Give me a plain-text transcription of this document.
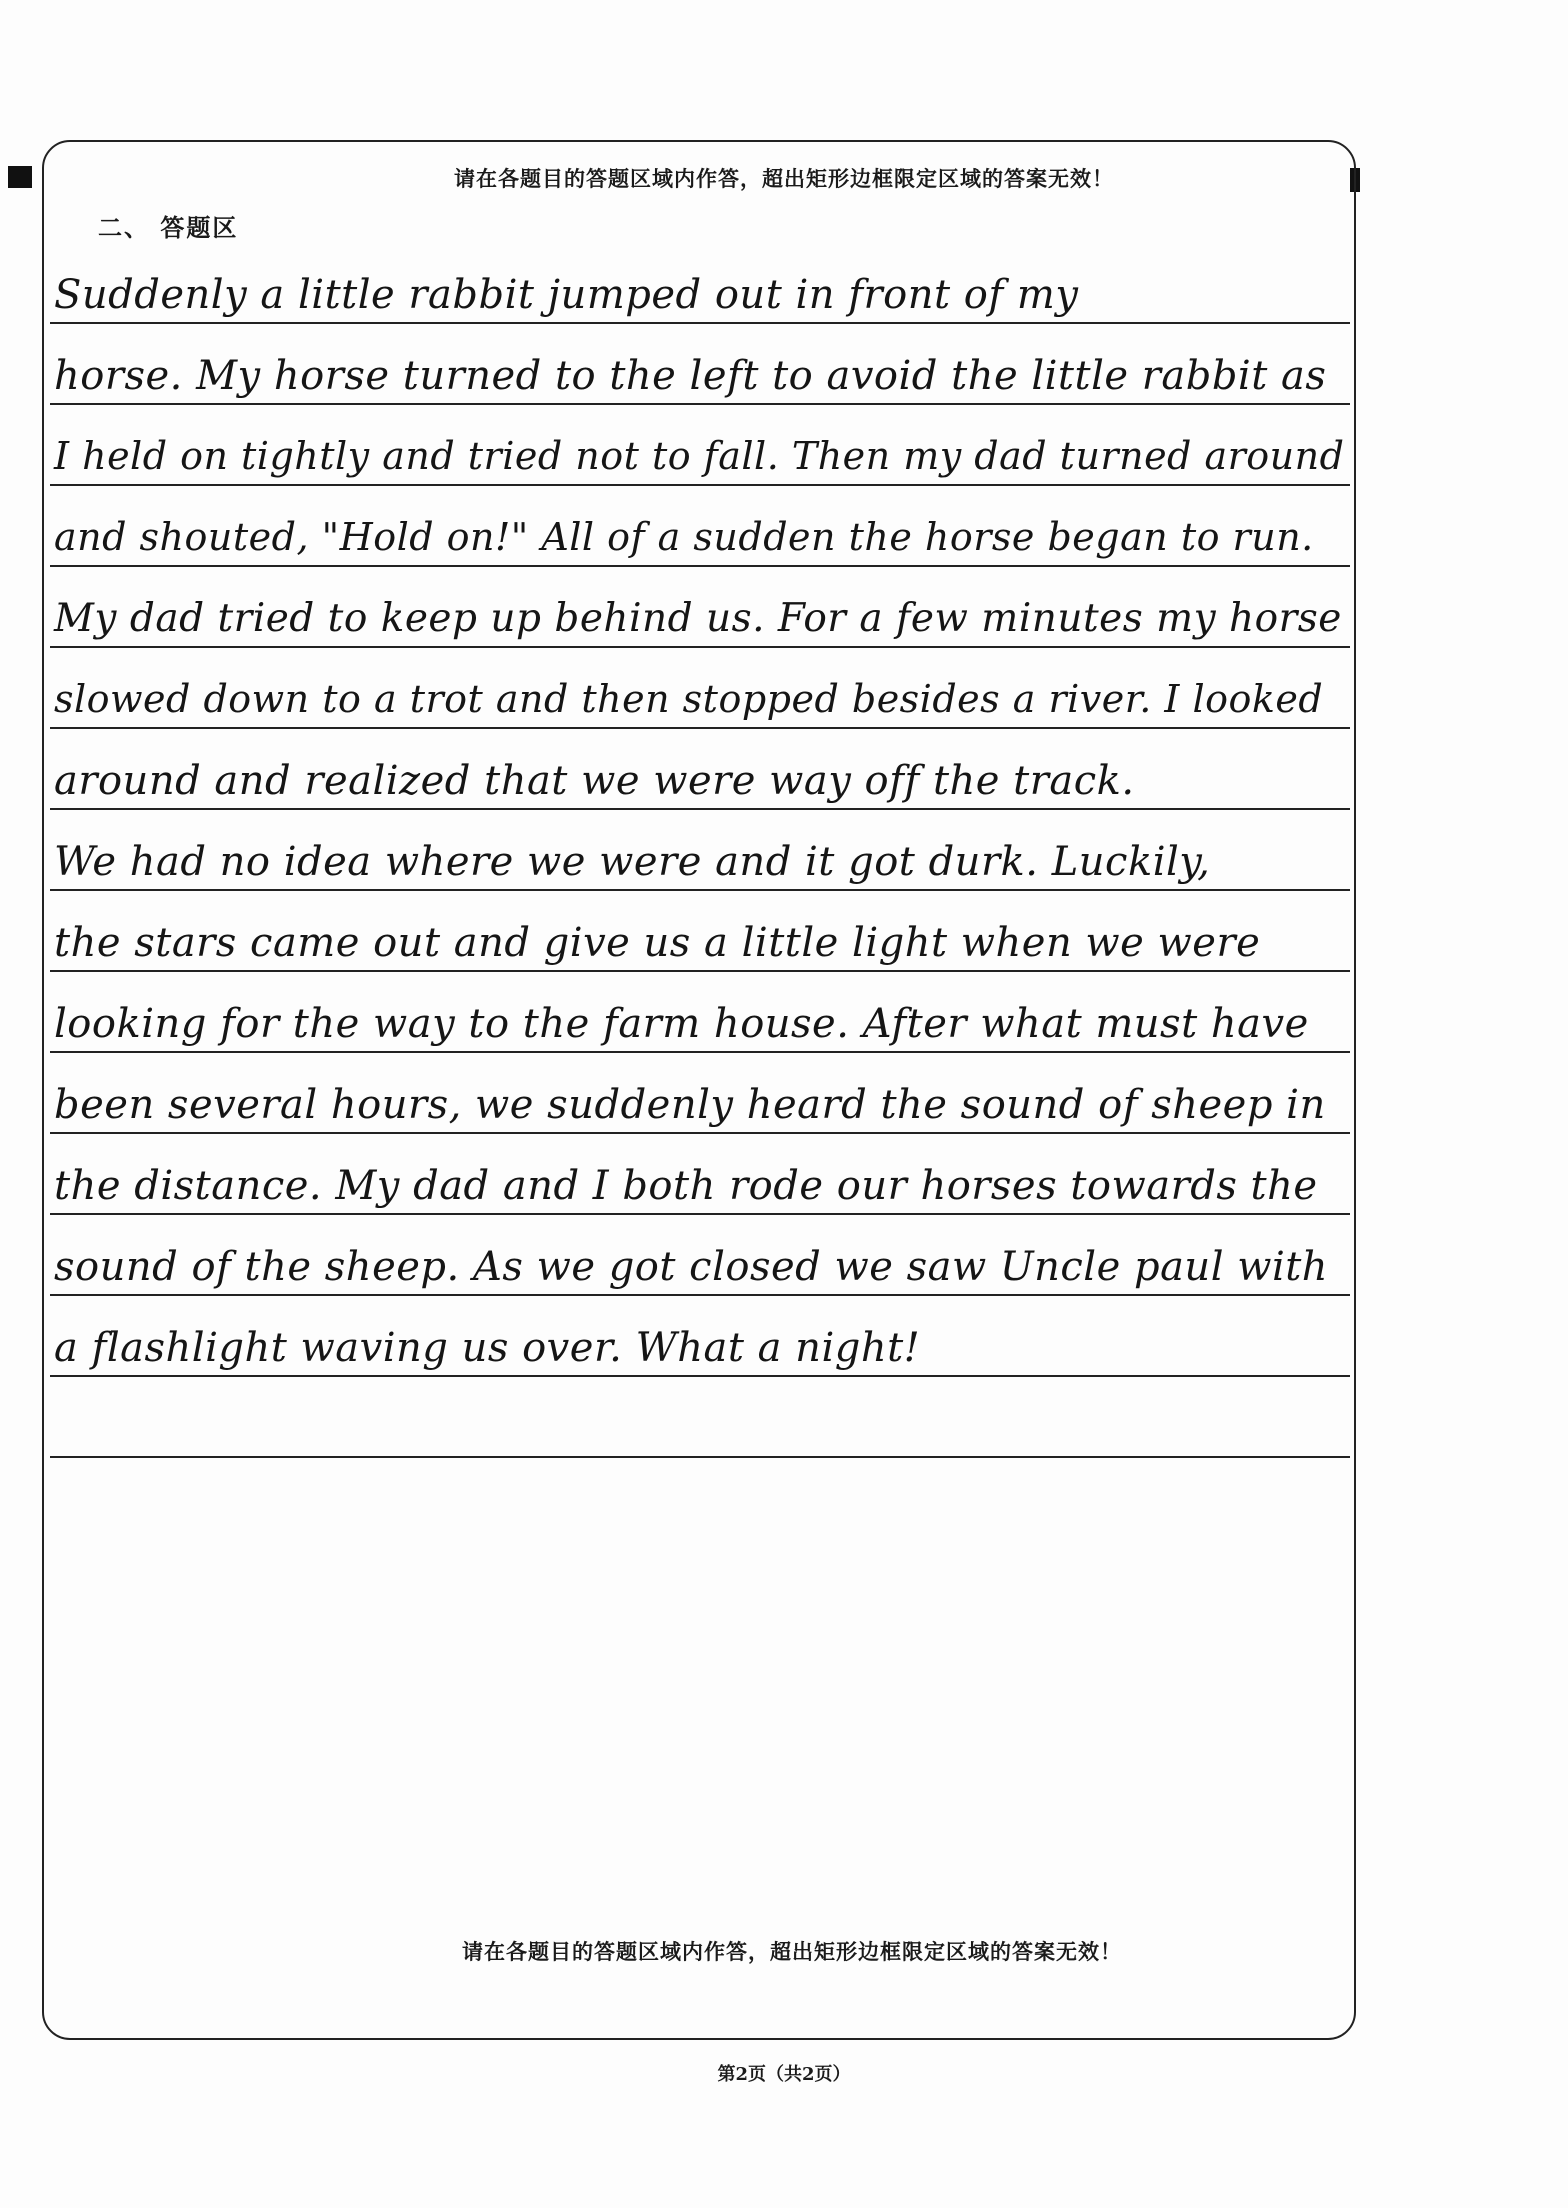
请在各题目的答题区域内作答，超出矩形边框限定区域的答案无效！
二、 答题区
Suddenly a little rabbit jumped out in front of my
horse. My horse turned to the left to avoid the little rabbit as
I held on tightly and tried not to fall. Then my dad turned around
and shouted, "Hold on!" All of a sudden the horse began to run.
My dad tried to keep up behind us. For a few minutes my horse
slowed down to a trot and then stopped besides a river. I looked
around and realized that we were way off the track.
We had no idea where we were and it got durk. Luckily,
the stars came out and give us a little light when we were
looking for the way to the farm house. After what must have
been several hours, we suddenly heard the sound of sheep in
the distance. My dad and I both rode our horses towards the
sound of the sheep. As we got closed we saw Uncle paul with
a flashlight waving us over. What a night!
请在各题目的答题区域内作答，超出矩形边框限定区域的答案无效！
第2页（共2页）
